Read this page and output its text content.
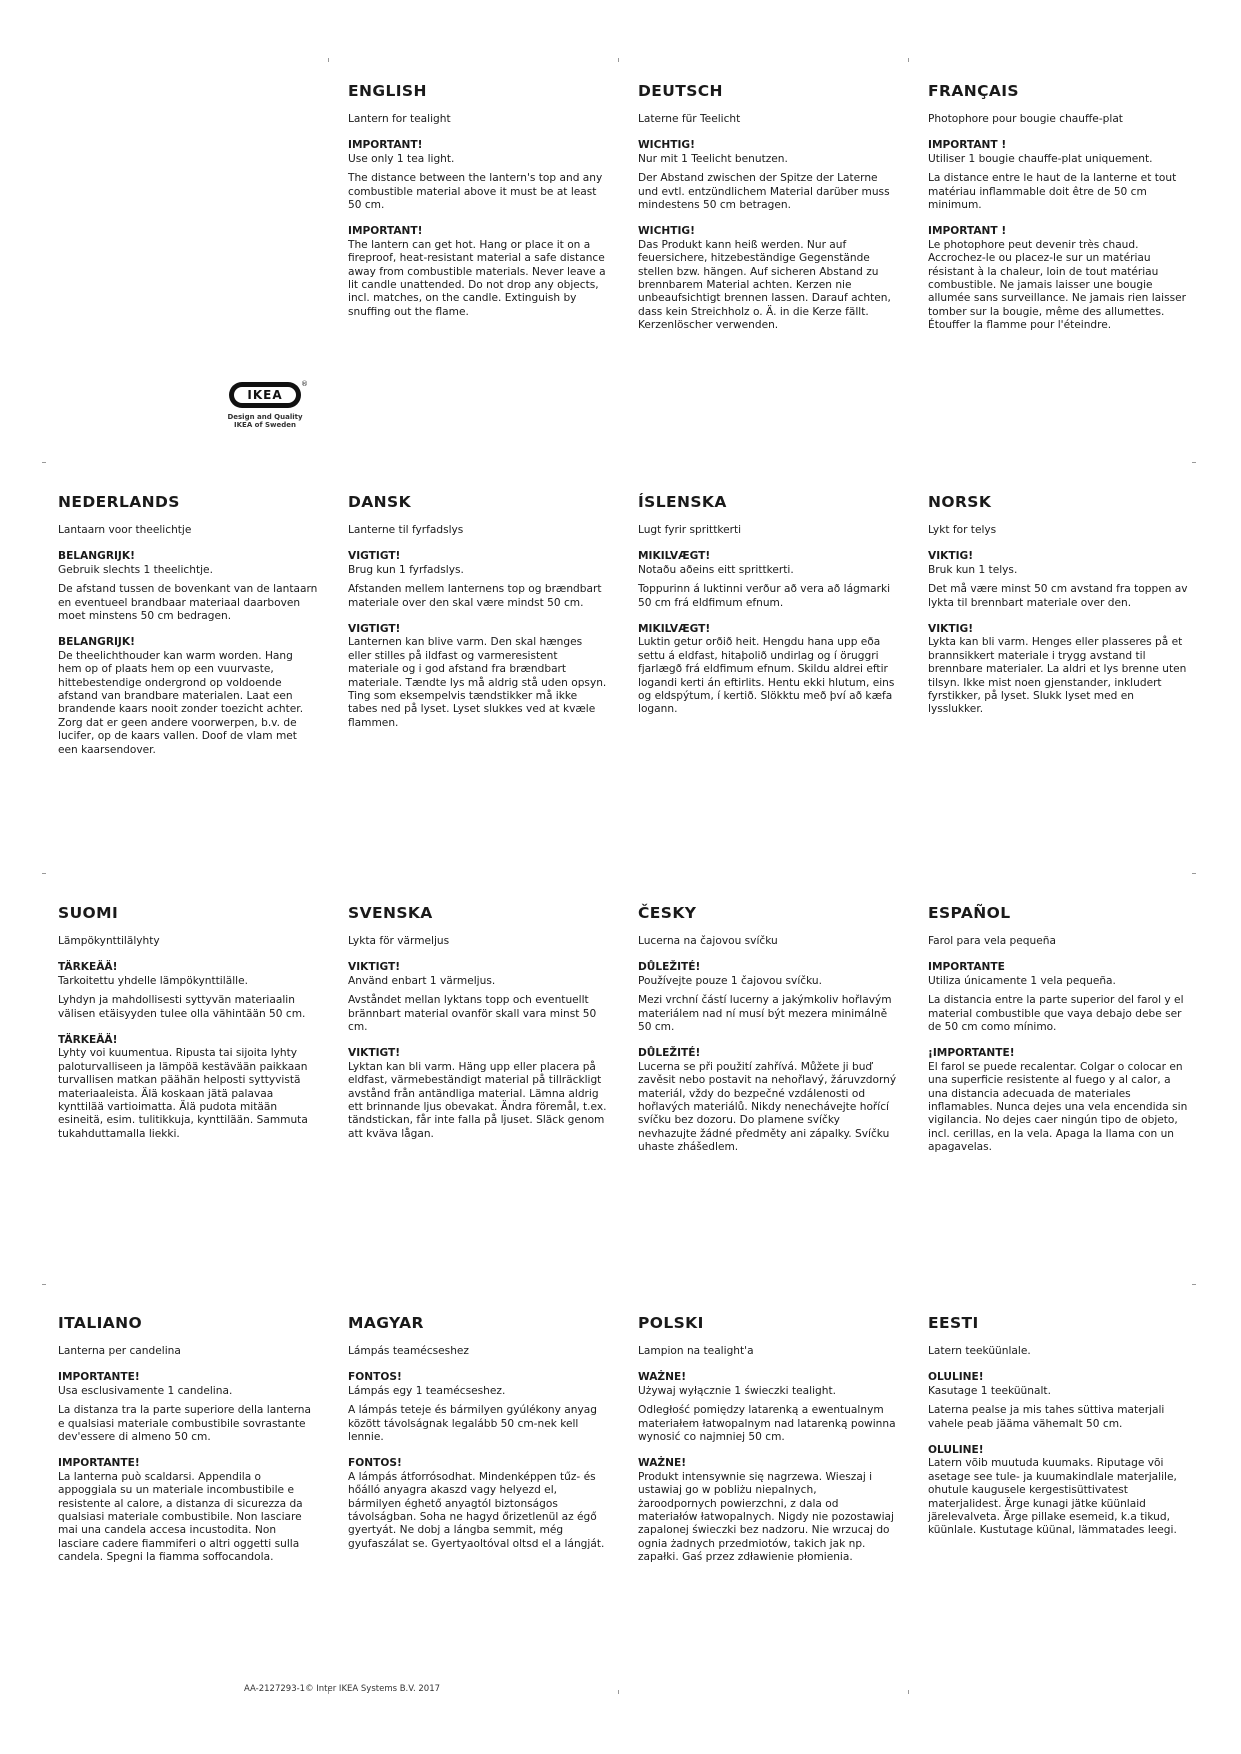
IKEA
®
Design and Quality
IKEA of Sweden

ENGLISH

Lantern for tealight

IMPORTANT!

Use only 1 tea light.

The distance between the lantern's top and any combustible material above it must be at least 50 cm.

IMPORTANT!

The lantern can get hot. Hang or place it on a fireproof, heat-resistant material a safe distance away from combustible materials. Never leave a lit candle unattended. Do not drop any objects, incl. matches, on the candle. Extinguish by snuffing out the flame.

DEUTSCH

Laterne für Teelicht

WICHTIG!

Nur mit 1 Teelicht benutzen.

Der Abstand zwischen der Spitze der Laterne und evtl. entzündlichem Material darüber muss mindestens 50 cm betragen.

WICHTIG!

Das Produkt kann heiß werden. Nur auf feuersichere, hitzebeständige Gegenstände stellen bzw. hängen. Auf sicheren Abstand zu brennbarem Material achten. Kerzen nie unbeaufsichtigt brennen lassen. Darauf achten, dass kein Streichholz o. Ä. in die Kerze fällt. Kerzenlöscher verwenden.

FRANÇAIS

Photophore pour bougie chauffe-plat

IMPORTANT !

Utiliser 1 bougie chauffe-plat uniquement.

La distance entre le haut de la lanterne et tout matériau inflammable doit être de 50 cm minimum.

IMPORTANT !

Le photophore peut devenir très chaud. Accrochez-le ou placez-le sur un matériau résistant à la chaleur, loin de tout matériau combustible. Ne jamais laisser une bougie allumée sans surveillance. Ne jamais rien laisser tomber sur la bougie, même des allumettes. Étouffer la flamme pour l'éteindre.

NEDERLANDS

Lantaarn voor theelichtje

BELANGRIJK!

Gebruik slechts 1 theelichtje.

De afstand tussen de bovenkant van de lantaarn en eventueel brandbaar materiaal daarboven moet minstens 50 cm bedragen.

BELANGRIJK!

De theelichthouder kan warm worden. Hang hem op of plaats hem op een vuurvaste, hittebestendige ondergrond op voldoende afstand van brandbare materialen. Laat een brandende kaars nooit zonder toezicht achter. Zorg dat er geen andere voorwerpen, b.v. de lucifer, op de kaars vallen. Doof de vlam met een kaarsendover.

DANSK

Lanterne til fyrfadslys

VIGTIGT!

Brug kun 1 fyrfadslys.

Afstanden mellem lanternens top og brændbart materiale over den skal være mindst 50 cm.

VIGTIGT!

Lanternen kan blive varm. Den skal hænges eller stilles på ildfast og varmeresistent materiale og i god afstand fra brændbart materiale. Tændte lys må aldrig stå uden opsyn. Ting som eksempelvis tændstikker må ikke tabes ned på lyset. Lyset slukkes ved at kvæle flammen.

ÍSLENSKA

Lugt fyrir sprittkerti

MIKILVÆGT!

Notaðu aðeins eitt sprittkerti.

Toppurinn á luktinni verður að vera að lágmarki 50 cm frá eldfimum efnum.

MIKILVÆGT!

Luktin getur orðið heit. Hengdu hana upp eða settu á eldfast, hitaþolið undirlag og í öruggri fjarlægð frá eldfimum efnum. Skildu aldrei eftir logandi kerti án eftirlits. Hentu ekki hlutum, eins og eldspýtum, í kertið. Slökktu með því að kæfa logann.

NORSK

Lykt for telys

VIKTIG!

Bruk kun 1 telys.

Det må være minst 50 cm avstand fra toppen av lykta til brennbart materiale over den.

VIKTIG!

Lykta kan bli varm. Henges eller plasseres på et brannsikkert materiale i trygg avstand til brennbare materialer. La aldri et lys brenne uten tilsyn. Ikke mist noen gjenstander, inkludert fyrstikker, på lyset. Slukk lyset med en lysslukker.

SUOMI

Lämpökynttilälyhty

TÄRKEÄÄ!

Tarkoitettu yhdelle lämpökynttilälle.

Lyhdyn ja mahdollisesti syttyvän materiaalin välisen etäisyyden tulee olla vähintään 50 cm.

TÄRKEÄÄ!

Lyhty voi kuumentua. Ripusta tai sijoita lyhty paloturvalliseen ja lämpöä kestävään paikkaan turvallisen matkan päähän helposti syttyvistä materiaaleista. Älä koskaan jätä palavaa kynttilää vartioimatta. Älä pudota mitään esineitä, esim. tulitikkuja, kynttilään. Sammuta tukahduttamalla liekki.

SVENSKA

Lykta för värmeljus

VIKTIGT!

Använd enbart 1 värmeljus.

Avståndet mellan lyktans topp och eventuellt brännbart material ovanför skall vara minst 50 cm.

VIKTIGT!

Lyktan kan bli varm. Häng upp eller placera på eldfast, värmebeständigt material på tillräckligt avstånd från antändliga material. Lämna aldrig ett brinnande ljus obevakat. Ändra föremål, t.ex. tändstickan, får inte falla på ljuset. Släck genom att kväva lågan.

ČESKY

Lucerna na čajovou svíčku

DŮLEŽITÉ!

Používejte pouze 1 čajovou svíčku.

Mezi vrchní částí lucerny a jakýmkoliv hořlavým materiálem nad ní musí být mezera minimálně 50 cm.

DŮLEŽITÉ!

Lucerna se při použití zahřívá. Můžete ji buď zavěsit nebo postavit na nehořlavý, žáruvzdorný materiál, vždy do bezpečné vzdálenosti od hořlavých materiálů. Nikdy nenechávejte hořící svíčku bez dozoru. Do plamene svíčky nevhazujte žádné předměty ani zápalky. Svíčku uhaste zhášedlem.

ESPAÑOL

Farol para vela pequeña

IMPORTANTE

Utiliza únicamente 1 vela pequeña.

La distancia entre la parte superior del farol y el material combustible que vaya debajo debe ser de 50 cm como mínimo.

¡IMPORTANTE!

El farol se puede recalentar. Colgar o colocar en una superficie resistente al fuego y al calor, a una distancia adecuada de materiales inflamables. Nunca dejes una vela encendida sin vigilancia. No dejes caer ningún tipo de objeto, incl. cerillas, en la vela. Apaga la llama con un apagavelas.

ITALIANO

Lanterna per candelina

IMPORTANTE!

Usa esclusivamente 1 candelina.

La distanza tra la parte superiore della lanterna e qualsiasi materiale combustibile sovrastante dev'essere di almeno 50 cm.

IMPORTANTE!

La lanterna può scaldarsi. Appendila o appoggiala su un materiale incombustibile e resistente al calore, a distanza di sicurezza da qualsiasi materiale combustibile. Non lasciare mai una candela accesa incustodita. Non lasciare cadere fiammiferi o altri oggetti sulla candela. Spegni la fiamma soffocandola.

MAGYAR

Lámpás teamécseshez

FONTOS!

Lámpás egy 1 teamécseshez.

A lámpás teteje és bármilyen gyúlékony anyag között távolságnak legalább 50 cm-nek kell lennie.

FONTOS!

A lámpás átforrósodhat. Mindenképpen tűz- és hőálló anyagra akaszd vagy helyezd el, bármilyen éghető anyagtól biztonságos távolságban. Soha ne hagyd őrizetlenül az égő gyertyát. Ne dobj a lángba semmit, még gyufaszálat se. Gyertyaoltóval oltsd el a lángját.

POLSKI

Lampion na tealight'a

WAŻNE!

Używaj wyłącznie 1 świeczki tealight.

Odległość pomiędzy latarenką a ewentualnym materiałem łatwopalnym nad latarenką powinna wynosić co najmniej 50 cm.

WAŻNE!

Produkt intensywnie się nagrzewa. Wieszaj i ustawiaj go w pobliżu niepalnych, żaroodpornych powierzchni, z dala od materiałów łatwopalnych. Nigdy nie pozostawiaj zapalonej świeczki bez nadzoru. Nie wrzucaj do ognia żadnych przedmiotów, takich jak np. zapałki. Gaś przez zdławienie płomienia.

EESTI

Latern teeküünlale.

OLULINE!

Kasutage 1 teeküünalt.

Laterna pealse ja mis tahes süttiva materjali vahele peab jääma vähemalt 50 cm.

OLULINE!

Latern võib muutuda kuumaks. Riputage või asetage see tule- ja kuumakindlale materjalile, ohutule kaugusele kergestisüttivatest materjalidest. Ärge kunagi jätke küünlaid järelevalveta. Ärge pillake esemeid, k.a tikud, küünlale. Kustutage küünal, lämmatades leegi.

AA-2127293-1© Inter IKEA Systems B.V. 2017
